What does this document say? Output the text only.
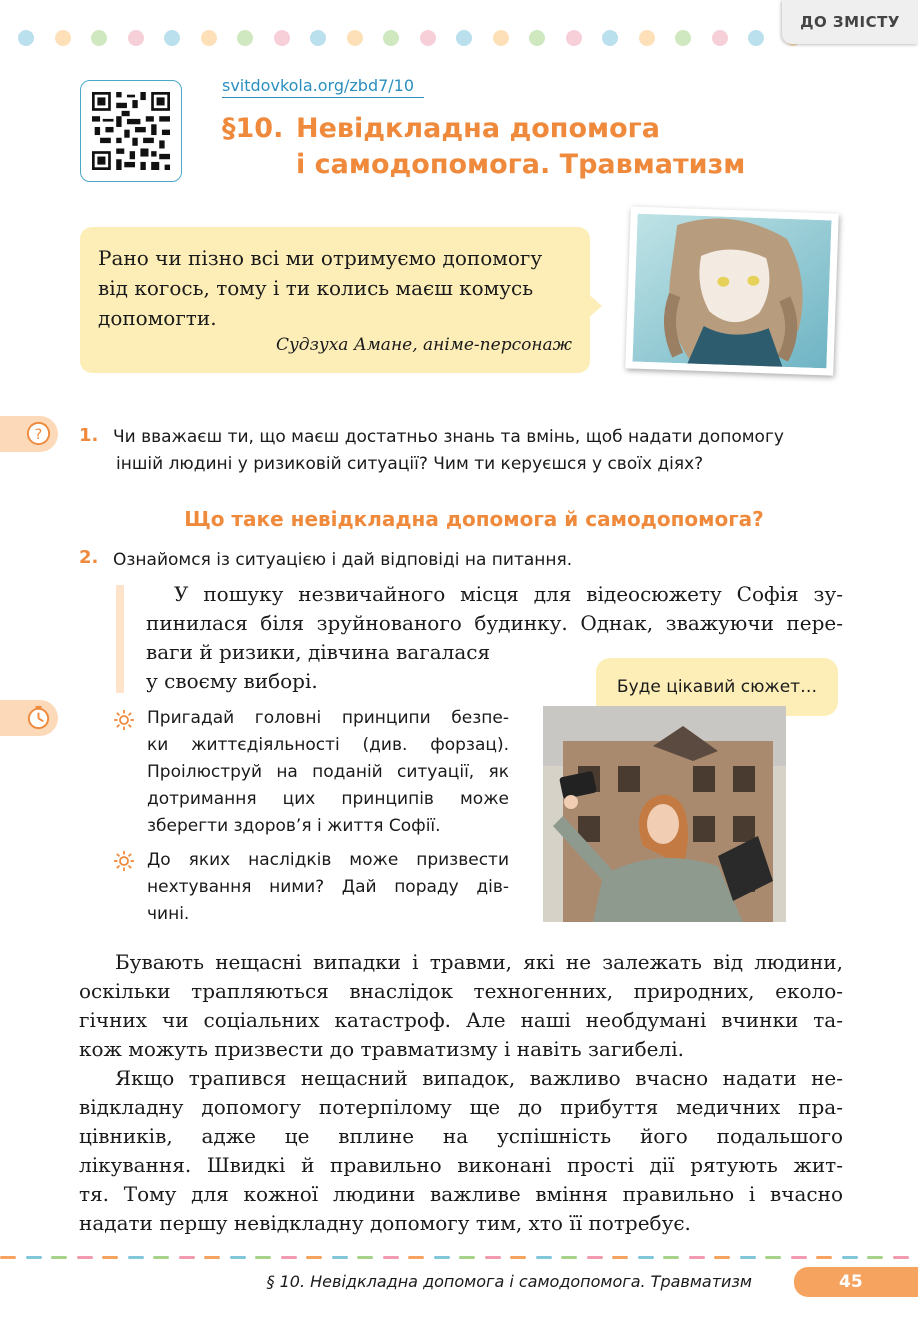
ДО ЗМІСТУ
svitdovkola.org/zbd7/10
§10. Невідкладна допомога
і самодопомога. Травматизм
Рано чи пізно всі ми отримуємо допомогу
від когось, тому і ти колись маєш комусь
допомогти.
Судзуха Амане, аніме-персонаж
? 1. Чи вважаєш ти, що маєш достатньо знань та вмінь, щоб надати допомогу
іншій людині у ризиковій ситуації? Чим ти керуєшся у своїх діях?
Що таке невідкладна допомога й самодопомога?
2. Ознайомся із ситуацією і дай відповіді на питання.
У пошуку незвичайного місця для відеосюжету Софія зу-
пинилася біля зруйнованого будинку. Однак, зважуючи пере-
ваги й ризики, дівчина вагалася
у своєму виборі.	Буде цікавий сюжет…
Пригадай головні принципи безпе-
ки життєдіяльності (див. форзац).
Проілюструй на поданій ситуації, як
дотримання цих принципів може
зберегти здоров’я і життя Софії.
До яких наслідків може призвести
нехтування ними? Дай пораду дів-
чині.
Бувають нещасні випадки і травми, які не залежать від людини,
оскільки трапляються внаслідок техногенних, природних, еколо-
гічних чи соціальних катастроф. Але наші необдумані вчинки та-
кож можуть призвести до травматизму і навіть загибелі.
Якщо трапився нещасний випадок, важливо вчасно надати не-
відкладну допомогу потерпілому ще до прибуття медичних пра-
цівників, адже це вплине на успішність його подальшого
лікування. Швидкі й правильно виконані прості дії рятують жит-
тя. Тому для кожної людини важливе вміння правильно і вчасно
надати першу невідкладну допомогу тим, хто її потребує.
§ 10. Невідкладна допомога і самодопомога. Травматизм	45
